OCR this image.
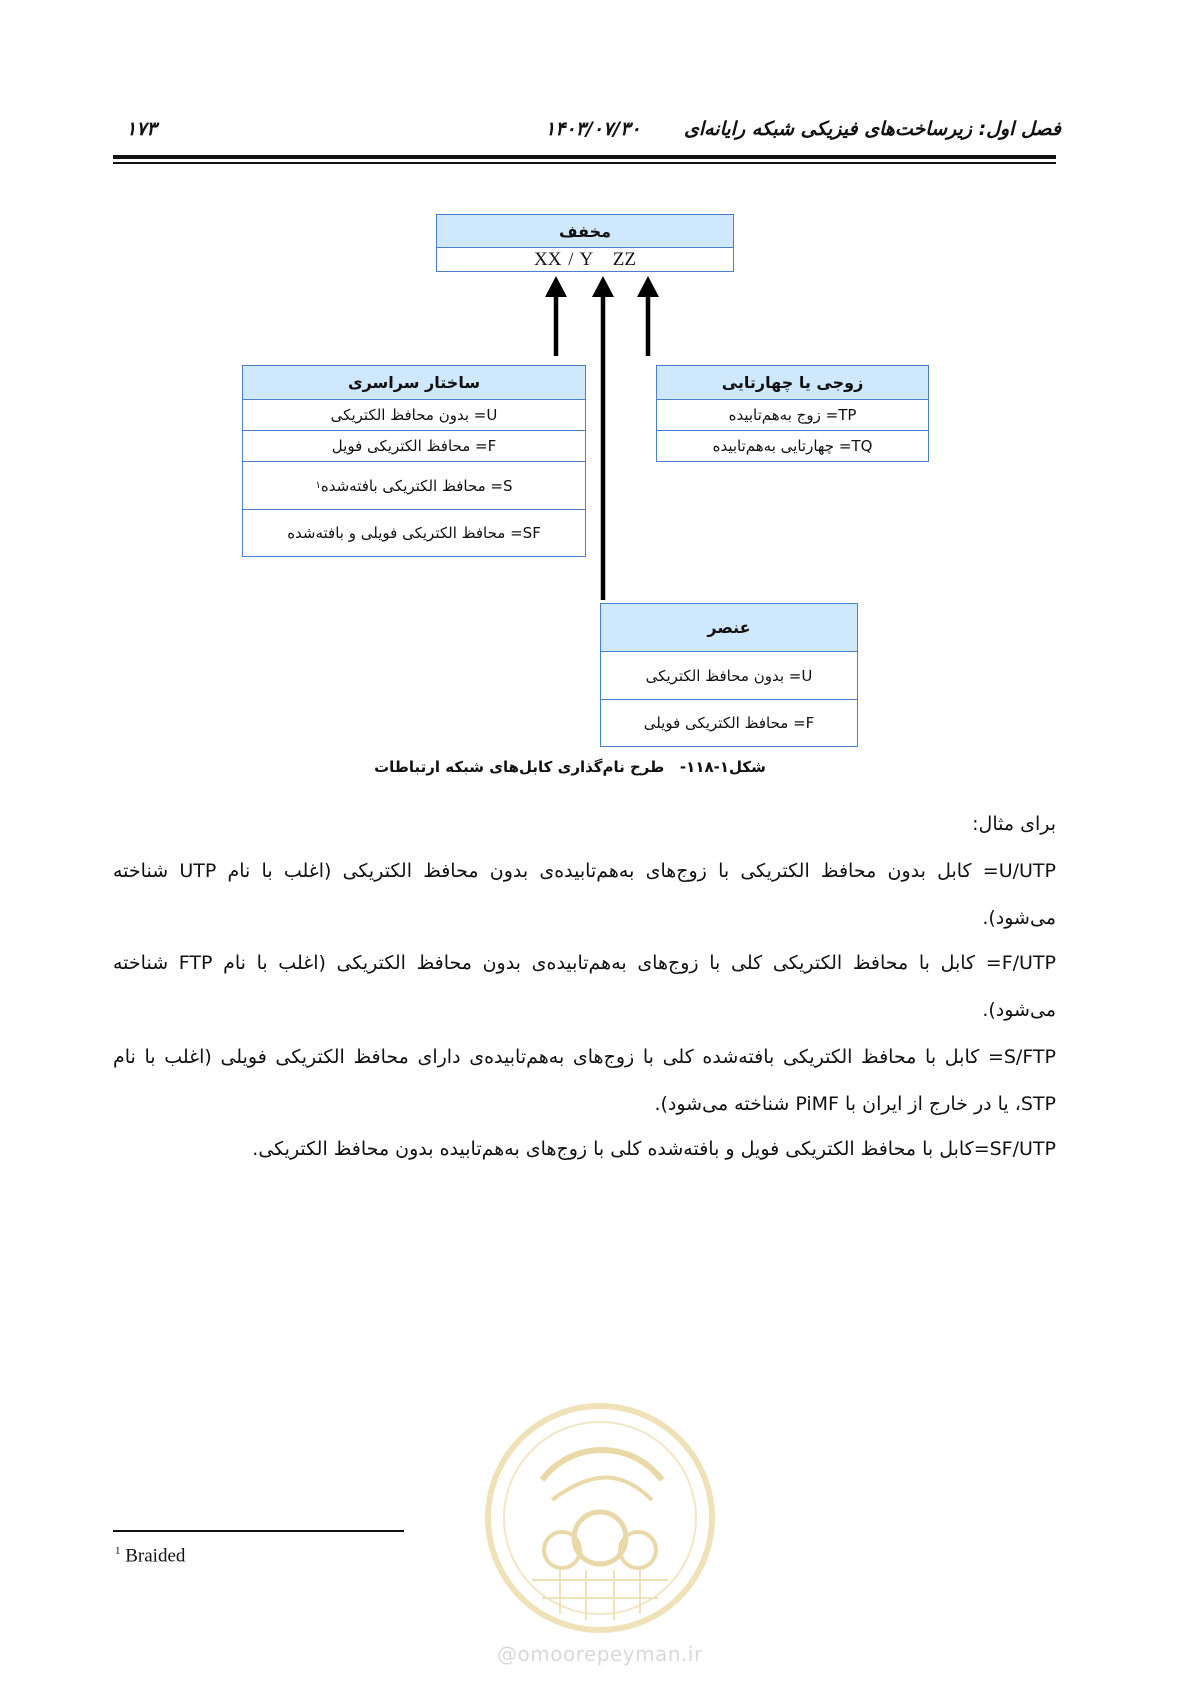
فصل اول: زیرساخت‌های فیزیکی شبکه رایانه‌ای
۱۴۰۳/۰۷/۳۰
۱۷۳
مخفف
XX / Y   ZZ
ساختار سراسری
U= بدون محافظ الکتریکی
F= محافظ الکتریکی فویل
S= محافظ الکتریکی بافته‌شده
۱
SF= محافظ الکتریکی فویلی و بافته‌شده
زوجی یا چهارتایی
TP= زوج به‌هم‌تابیده
TQ= چهارتایی به‌هم‌تابیده
عنصر
U= بدون محافظ الکتریکی
F= محافظ الکتریکی فویلی
شکل۱-۱۱۸-   طرح نام‌گذاری کابل‌های شبکه ارتباطات
برای مثال:
U/UTP= کابل بدون محافظ الکتریکی با زوج‌های به‌هم‌تابیده‌ی بدون محافظ الکتریکی (اغلب با نام UTP شناخته می‌شود).
F/UTP= کابل با محافظ الکتریکی کلی با زوج‌های به‌هم‌تابیده‌ی بدون محافظ الکتریکی (اغلب با نام FTP شناخته می‌شود).
S/FTP= کابل با محافظ الکتریکی بافته‌شده کلی با زوج‌های به‌هم‌تابیده‌ی دارای محافظ الکتریکی فویلی (اغلب با نام STP، یا در خارج از ایران با PiMF شناخته می‌شود).
SF/UTP=کابل با محافظ الکتریکی فویل و بافته‌شده کلی با زوج‌های به‌هم‌تابیده بدون محافظ الکتریکی.
@omoorepeyman.ir
$^1$ Braided
